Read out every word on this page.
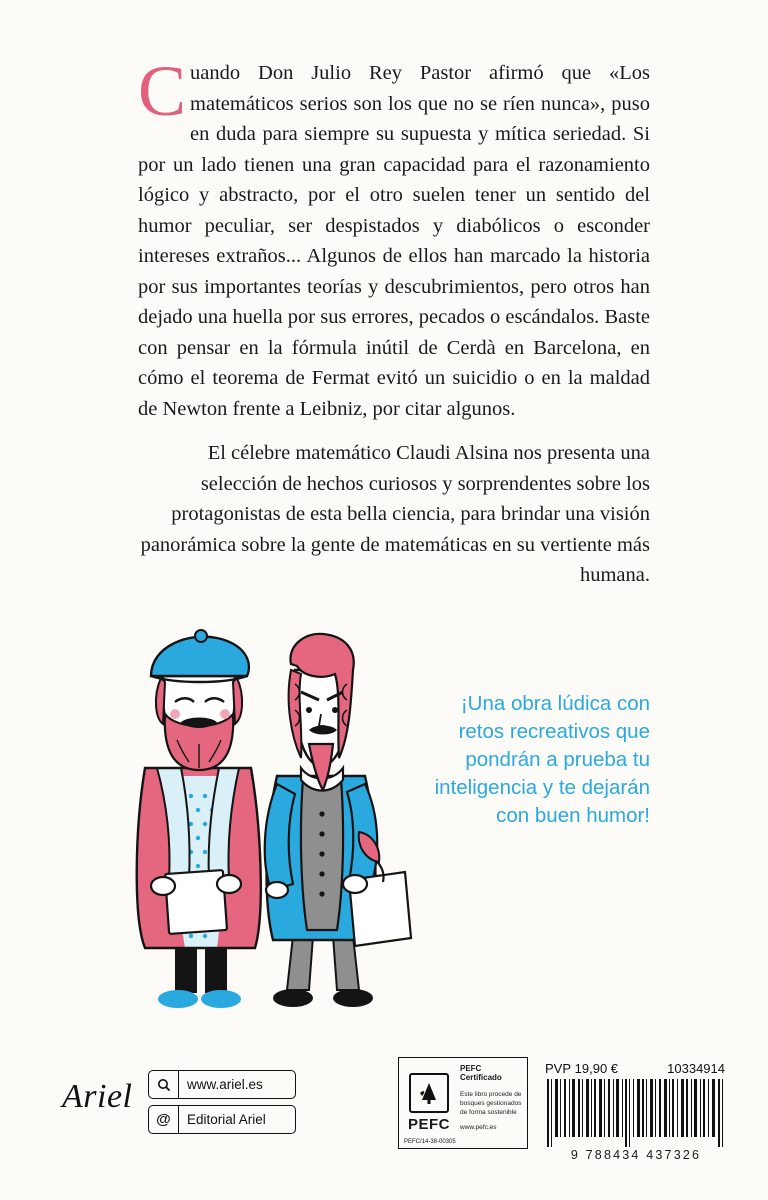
Cuando Don Julio Rey Pastor afirmó que «Los matemáticos serios son los que no se ríen nunca», puso en duda para siempre su supuesta y mítica seriedad. Si por un lado tienen una gran capacidad para el razonamiento lógico y abstracto, por el otro suelen tener un sentido del humor peculiar, ser despistados y diabólicos o esconder intereses extraños... Algunos de ellos han marcado la historia por sus importantes teorías y descubrimientos, pero otros han dejado una huella por sus errores, pecados o escándalos. Baste con pensar en la fórmula inútil de Cerdà en Barcelona, en cómo el teorema de Fermat evitó un suicidio o en la maldad de Newton frente a Leibniz, por citar algunos.

El célebre matemático Claudi Alsina nos presenta una selección de hechos curiosos y sorprendentes sobre los protagonistas de esta bella ciencia, para brindar una visión panorámica sobre la gente de matemáticas en su vertiente más humana.

¡Una obra lúdica con retos recreativos que pondrán a prueba tu inteligencia y te dejarán con buen humor!
Ariel	www.ariel.es
@	Editorial Ariel	PEFC
PEFC Certificado
Este libro procede de bosques gestionados de forma sostenible
www.pefc.es
PEFC/14-38-00305
PVP 19,90 €	10334914
9 788434 437326
